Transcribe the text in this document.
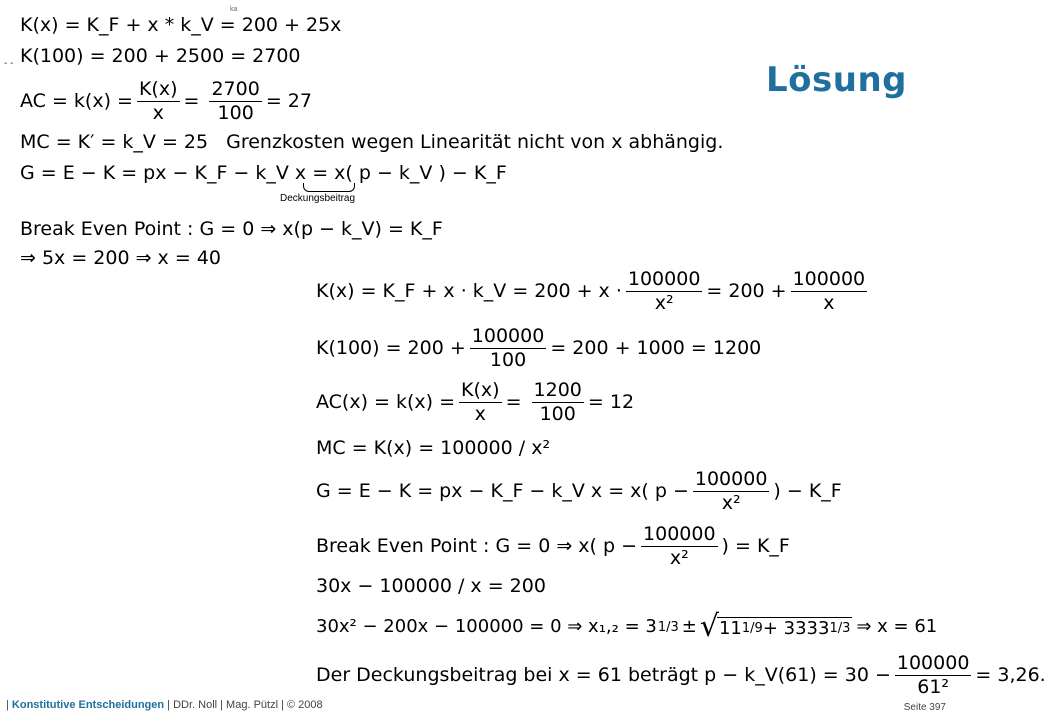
Lösung
ka
- -
K(x) = K_F + x * k_V = 200 + 25x
K(100) = 200 + 2500 = 2700
AC = $k(x) = \frac{K(x)}{x} = \frac{2700}{100} = 27$
MC = K′ = k_V = 25 Grenzkosten wegen Linearität nicht von x abhängig.
G = E − K = px − K_F − k_V x = x( p − k_V ) − K_F
Deckungsbeitrag
Break Even Point : G = 0 ⇒ x(p − k_V) = K_F
⇒ 5x = 200 ⇒ x = 40
K(x) = K_F + x · k_V = $200 + x \cdot \frac{100000}{\text{x²}} = 200 + \frac{100000}{x}$
$K(100) = 200 + \frac{100000}{100} = 200 + 1000 = 1200$
$AC(x) = k(x) = \frac{K(x)}{x} = \frac{1200}{100} = 12$
MC = K(x) = 100000 / x²
G = E − K = px − K_F − k_V x = x( $p - \frac{100000}{\text{x²}}$ ) − K_F
Break Even Point : G = 0 ⇒ x( $p - \frac{100000}{\text{x²}}$ ) = K_F
30x − 100000 / x = 200
30x² − 200x − 100000 = 0 ⇒ x₁,₂ = 3 1/3 ± √ 11 1/9 + 3333 1/3 ⇒ x = 61
Der Deckungsbeitrag bei x = 61 beträgt p − k_V(61) = $30 - \frac{100000}{\text{61²}} = 3,26$.
| Konstitutive Entscheidungen | DDr. Noll | Mag. Pützl | © 2008	Seite 397
